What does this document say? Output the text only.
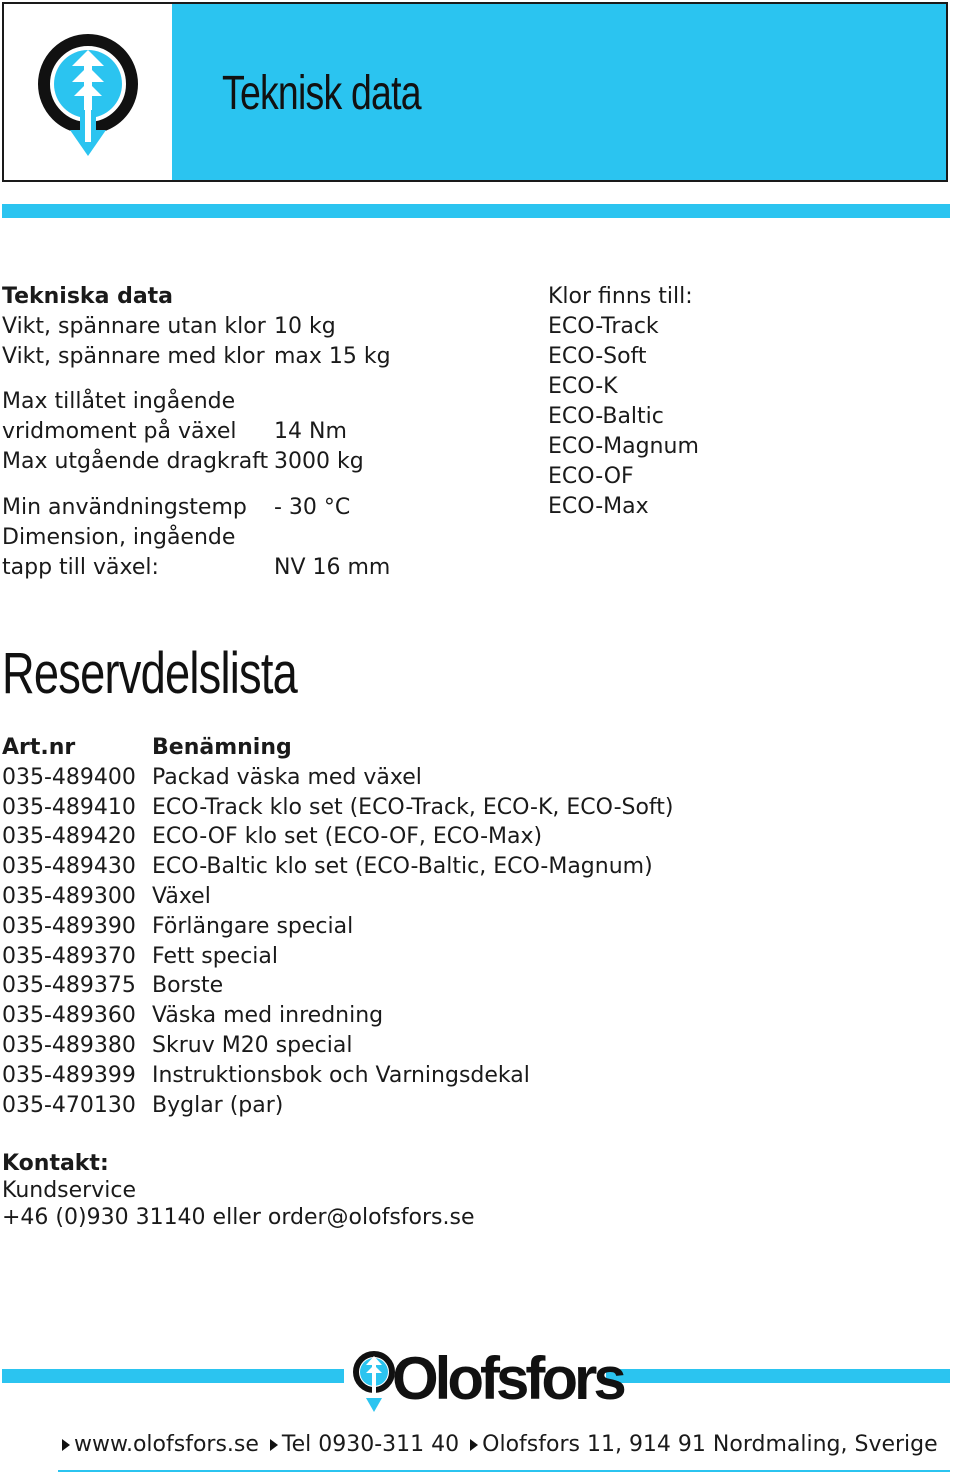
Teknisk data
Tekniska data
Vikt, spännare utan klor 10 kg
Vikt, spännare med klor max 15 kg
Max tillåtet ingående
vridmoment på växel 14 Nm
Max utgående dragkraft 3000 kg
Min användningstemp - 30 °C
Dimension, ingående
tapp till växel:	NV 16 mm
Klor finns till:
ECO-Track
ECO-Soft
ECO-K
ECO-Baltic
ECO-Magnum
ECO-OF
ECO-Max
Reservdelslista
Art.nr	Benämning
035-489400 Packad väska med växel
035-489410 ECO-Track klo set (ECO-Track, ECO-K, ECO-Soft)
035-489420 ECO-OF klo set (ECO-OF, ECO-Max)
035-489430 ECO-Baltic klo set (ECO-Baltic, ECO-Magnum)
035-489300 Växel
035-489390 Förlängare special
035-489370 Fett special
035-489375 Borste
035-489360 Väska med inredning
035-489380 Skruv M20 special
035-489399 Instruktionsbok och Varningsdekal
035-470130 Byglar (par)
Kontakt:
Kundservice
+46 (0)930 31140 eller order@olofsfors.se
Olofsfors
www.olofsfors.se Tel 0930-311 40 Olofsfors 11, 914 91 Nordmaling, Sverige
